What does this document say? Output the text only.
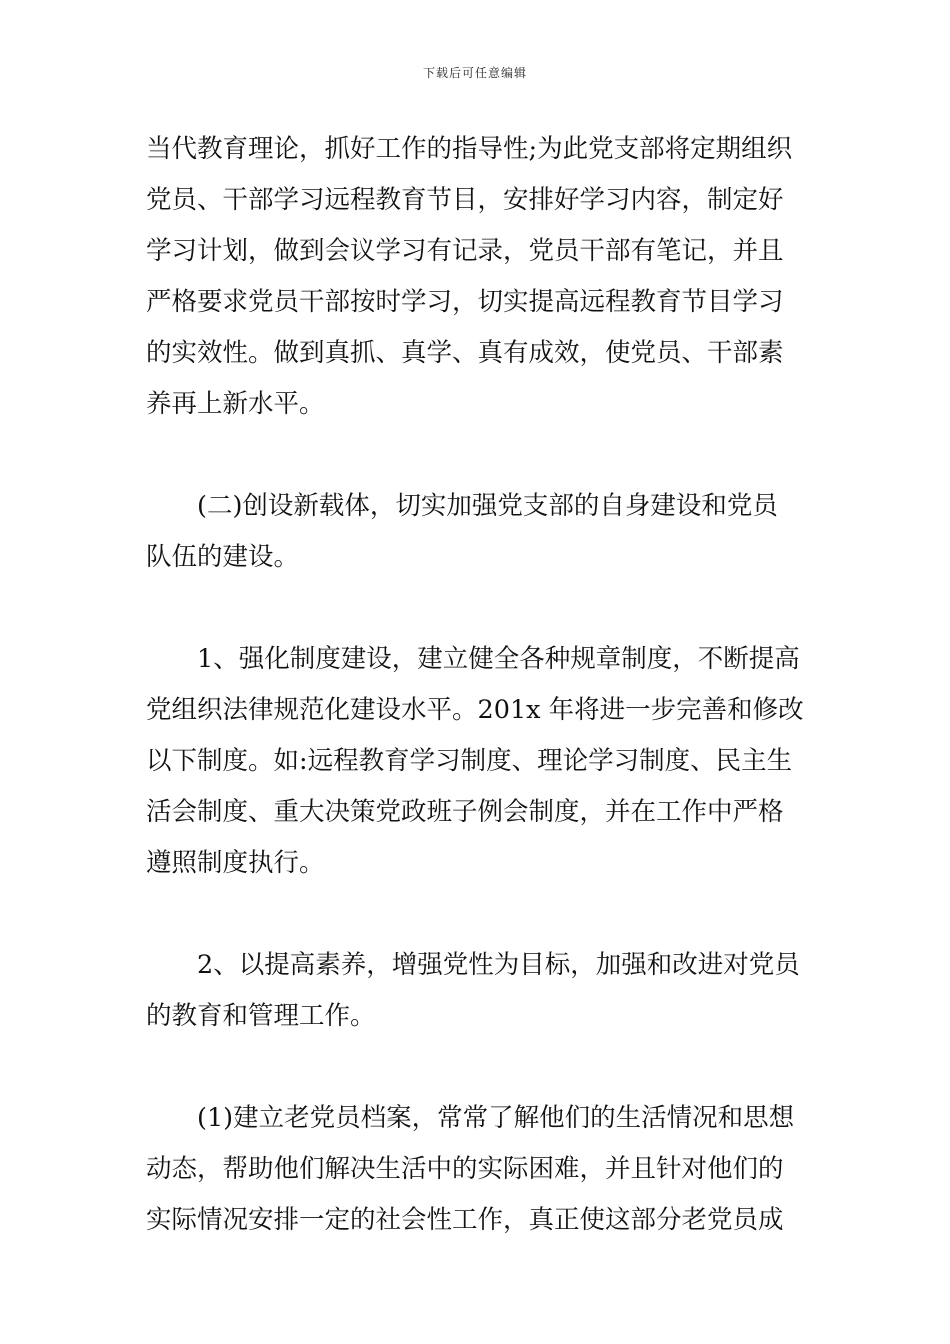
下载后可任意编辑
当代教育理论，抓好工作的指导性;为此党支部将定期组织
党员、干部学习远程教育节目，安排好学习内容，制定好
学习计划，做到会议学习有记录，党员干部有笔记，并且
严格要求党员干部按时学习，切实提高远程教育节目学习
的实效性。做到真抓、真学、真有成效，使党员、干部素
养再上新水平。
(二)创设新载体，切实加强党支部的自身建设和党员
队伍的建设。
1、强化制度建设，建立健全各种规章制度，不断提高
党组织法律规范化建设水平。201x 年将进一步完善和修改
以下制度。如:远程教育学习制度、理论学习制度、民主生
活会制度、重大决策党政班子例会制度，并在工作中严格
遵照制度执行。
2、以提高素养，增强党性为目标，加强和改进对党员
的教育和管理工作。
(1)建立老党员档案，常常了解他们的生活情况和思想
动态，帮助他们解决生活中的实际困难，并且针对他们的
实际情况安排一定的社会性工作，真正使这部分老党员成
